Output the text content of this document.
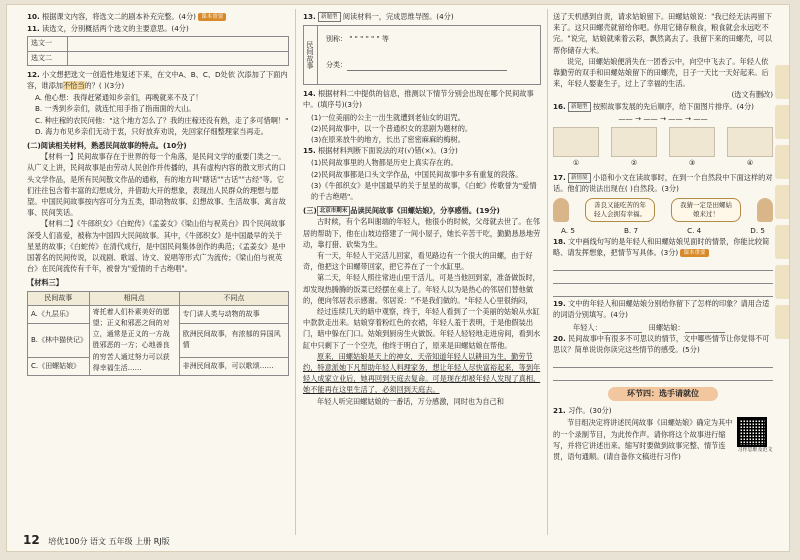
10. 根据课文内容，将选文二的剧本补充完整。(4分) 课本重要
11. 读选文，分别概括两个选文的主要意思。(4分)
选文一	
选文二	
12. 小文想把选文一创造性地复述下来，在文中A、B、C、D处依 次添加了下面内容，谁添加不恰当的？( )(3分)
A. 他心想：我得赶紧通知乡亲们，再晚就来不及了！
B. 一秀到乡亲们，就连忙用手指了指南面的大山。
C. 种庄稼的农民问他："这个地方怎么了？我的庄稼还没有熟，走了多可惜啊！"
D. 海力布见乡亲们无动于衷，只好放弃劝说，先回家仔细整理家当再走。
(二)阅读相关材料，熟悉民间故事的特点。(10分)
【材料一】民间故事存在于世界的每一个角落，是民间文学的重要门类之一。从广义上讲，民间故事是由劳动人民创作并传播的，具有虚构内容的散文形式的口头文学作品，是所有民间散文作品的通称，有的地方叫"瞎话""古话""古经"等。它们往往包含着丰富的幻想成分，并借助大开的想象，表现出人民群众的理想与愿望。中国民间故事按内容可分为五类，即动物故事、幻想故事、生活故事、寓言故事、民间笑话。
【材料二】《牛郎织女》《白蛇传》《孟姜女》《梁山伯与祝英台》四个民间故事深受人们喜爱，被称为中国四大民间故事。其中，《牛郎织女》是中国最早的关于星星的故事；《白蛇传》在清代成行，是中国民间集体创作的典范；《孟姜女》是中国著名的民间传说，以戏剧、歌谣、诗文、说唱等形式广为流传；《梁山伯与祝英台》在民间流传有千年，被誉为"爱情的千古绝唱"。
【材料三】
民间故事	相同点	不同点
A.《九层乐》	寄托着人们朴素美好的愿望；正义和邪恶之间的对立，通常是正义的一方战胜邪恶的一方；心地善良的穷苦人通过努力可以获得幸福生活……	专门讲人类与动物的故事
B.《林中猫侠记》		欧洲民间故事，有浓郁的异国风情
C.《田螺姑娘》		非洲民间故事，可以歌颂……
13. 新题型 阅读材料一，完成思维导图。(4分)
民间故事
别称： " " " " " " 等
分类：
14. 根据材料二中提供的信息，推测以下情节分别会出现在哪个民间故事中。(填序号)(3分)
(1)一位美丽的公主一出生就遭到老仙女的诅咒。
(2)民间故事中，以一个普通织女的悲剧为题材的。
(3)在原来放牛的地方，长出了密密麻麻的梅树。
15. 根据材料判断下面说法的对(√)错(×)。(3分)
(1)民间故事里的人物都是历史上真实存在的。
(2)民间故事都是口头文学作品，中国民间故事中多有重复的段落。
(3)《牛郎织女》是中国最早的关于星星的故事，《白蛇》传歌誉为"爱情的千古绝唱"。
(三) 北京市期末 品读民间故事《田螺姑娘》，分享感悟。(19分)
古时候，有个名叫谢端的年轻人，他很小的时候，父母就去世了。在邻居的帮助下，他在山坡边搭建了一间小屋子，她长辛苦干吃，勤勤恳恳地劳动，靠打猎、砍柴为生。
有一天，年轻人干完活儿回家，看见路边有一个很大的田螺，由于好奇，他把这个田螺带回家，把它养在了一个水缸里。
第二天，年轻人照往常进山里干活儿，可是当他回到家，准备做饭时，却发现热腾腾的饭菜已经摆在桌上了。年轻人以为是热心的邻居们替他做的，便向邻居表示感谢。邻居说："不是我们做的。"年轻人心里很纳闷，
经过连续几天的暗中观察，终于，年轻人看到了一个美丽的姑娘从水缸中款款走出来。姑娘穿着粉红色的衣裙，年轻人羞于表明，于是他假装出门，暗中躲在门口。姑娘到厨房生火做饭。年轻人轻轻地走进房间，看到水缸中只剩下了一个空壳，他终于明白了，原来是田螺姑娘在帮他。
原来，田螺姑娘是天上的神女，天帝知道年轻人以耕田为生，勤劳节约，特意派她下凡帮助年轻人料理家务，想让年轻人尽快富裕起来，等到年轻人成家立业后，她再回到天庭去复命。可是现在却被年轻人发现了真相，她不能再在这里生活了，必须回到天庭去。
年轻人听完田螺姑娘的一番话，万分感激，同时也为自己和
送了天机感到自责，请求姑娘留下。田螺姑娘说："我已经无法再留下来了。这只田螺壳就留给你吧。你用它储存粮食，粮食就会永远吃不完。"说完，姑娘就乘着云彩，飘然离去了。我留下来的田螺壳，可以帮你储存大米。
说完，田螺姑娘便消失在一团香云中，向空中飞去了。年轻人依靠勤劳的双手和田螺姑娘留下的田螺壳，日子一天比一天好起来。后来，年轻人娶妻生子，过上了幸福的生活。
(选文有删改)
16. 新题型 按照故事发展的先后顺序，给下面图片排序。(4分)
—— → —— → —— → ——
①	②	③	④
17. 新情境 小语和小文在读故事时，在到一个自然段中下面这样的对话。他们的说法出现在( )自然段。(3分)
善良又能吃苦的年轻人会拥有幸福。
我猜一定是田螺姑娘来过！
A. 5	B. 7	C. 4	D. 5
18. 文中画线句写的是年轻人和田螺姑娘见面时的情景，你能比较简略、请发挥想象，把情节写具体。(3分) 课本重要
19. 文中的年轻人和田螺姑娘分别给你留下了怎样的印象？请用合适的词语分别填写。(4分)
年轻人：	田螺姑娘：
20. 民间故事中有很多不可思议的情节，文中哪些情节让你觉得不可思议？简单说说你读完这些情节的感受。(5分)
环节四：选手请就位
21. 习作。(30分)
节目组决定将讲述民间故事《田螺姑娘》确定为其中的一个录制节目，为此传作声。请你将这个故事进行缩写，并将它讲述出来。缩写时要做到故事完整、情节连贯，语句通顺。(请自备你文稿进行习作)
习作思维及范文
12 培优100分 语文 五年级 上册 RJ版
